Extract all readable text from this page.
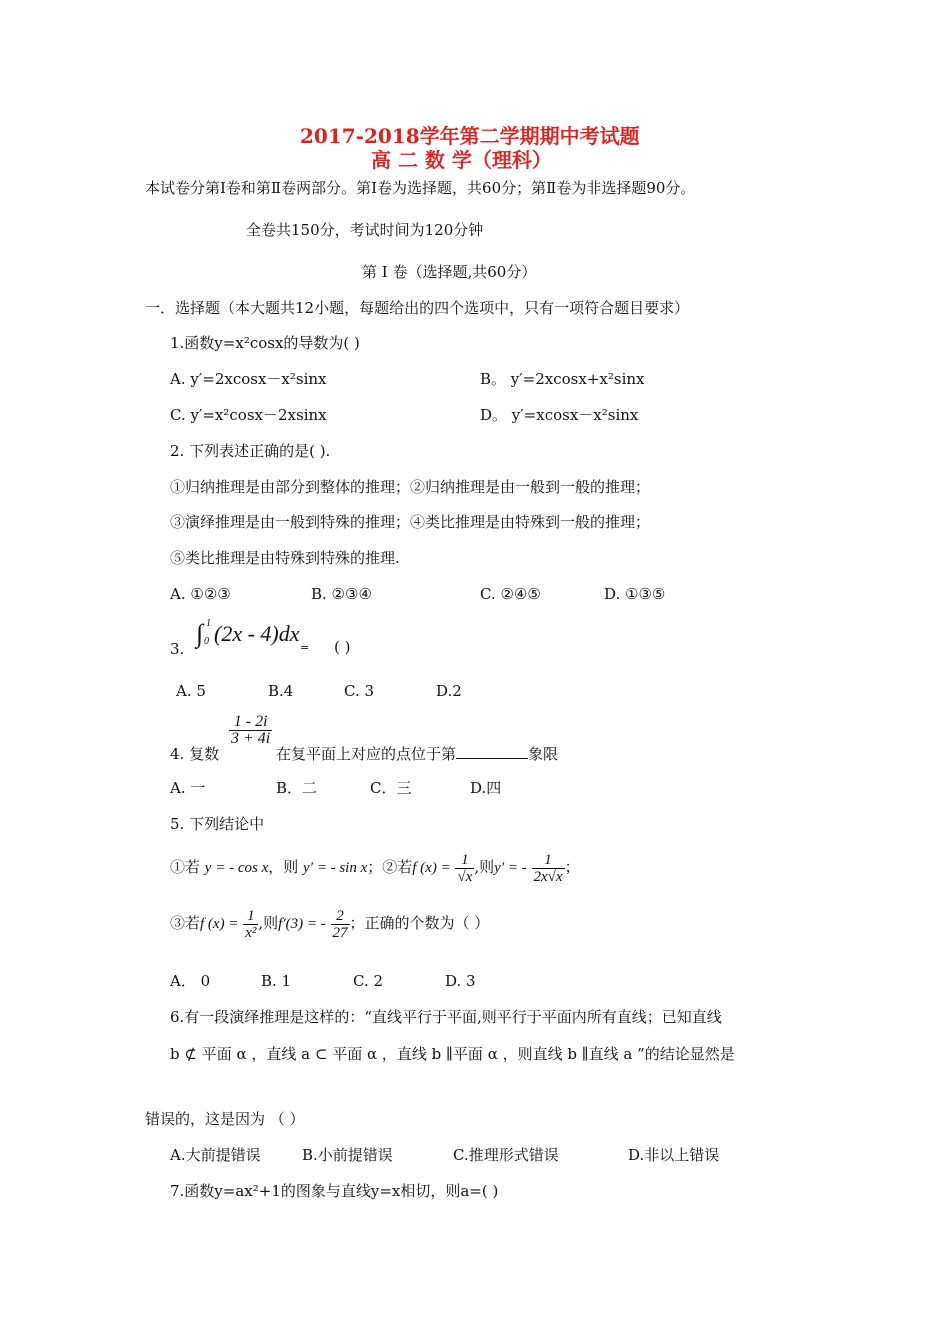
2017-2018学年第二学期期中考试题
高 二 数 学（理科）
本试卷分第Ⅰ卷和第Ⅱ卷两部分。第Ⅰ卷为选择题，共60分；第Ⅱ卷为非选择题90分。
全卷共150分，考试时间为120分钟
第 Ⅰ 卷（选择题,共60分）
一．选择题（本大题共12小题，每题给出的四个选项中，只有一项符合题目要求）
1.函数y=x²cosx的导数为( )
A. y′=2xcosx－x²sinx	B。 y′=2xcosx+x²sinx
C. y′=x²cosx－2xsinx	D。 y′=xcosx－x²sinx
2. 下列表述正确的是( ).
①归纳推理是由部分到整体的推理；②归纳推理是由一般到一般的推理；
③演绎推理是由一般到特殊的推理；④类比推理是由特殊到一般的推理；
⑤类比推理是由特殊到特殊的推理.
A. ①②③	B. ②③④	C. ②④⑤	D. ①③⑤
3.
∫ 1
0 (2x - 4)dx
= ( )
A. 5	B.4	C. 3	D.2
4. 复数
$\frac{1 - 2i}{3 + 4i}$
在复平面上对应的点位于第	象限
A. 一	B．二	C．三	D.四
5. 下列结论中
①若 y = - cos x，则 y′ = - sin x；②若f $(x) = \frac{1}{√x}$ ,则y′ = - $\frac{1}{2x√x}$ ；
③若f $(x) = \frac{1}{\text{x²}}$ ,则f′(3) = - $\frac{2}{27}$ ；正确的个数为（ ）
A． 0	B. 1	C. 2	D. 3
6.有一段演绎推理是这样的：“直线平行于平面,则平行于平面内所有直线；已知直线
b ⊄ 平面 α ，直线 a ⊂ 平面 α ，直线 b ∥平面 α ，则直线 b ∥直线 a ”的结论显然是
错误的，这是因为 （ ）
A.大前提错误	B.小前提错误	C.推理形式错误	D.非以上错误
7.函数y=ax²+1的图象与直线y=x相切，则a=( )
